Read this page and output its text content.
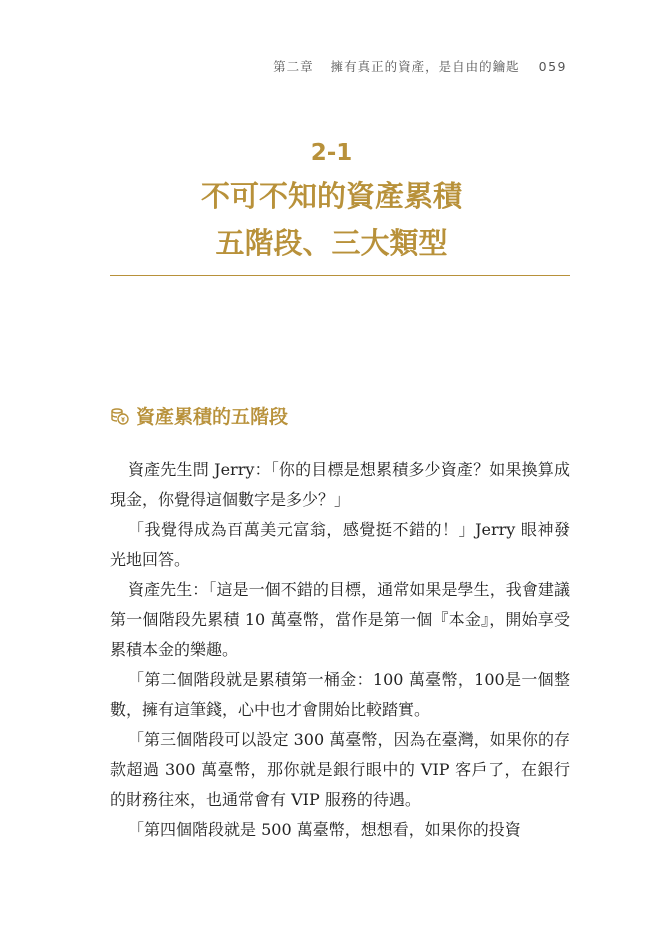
第二章 擁有真正的資產，是自由的鑰匙 059
2-1
不可不知的資產累積
五階段、三大類型
資產累積的五階段

資產先生問 Jerry：「你的目標是想累積多少資產？如果換算成現金，你覺得這個數字是多少？」

「我覺得成為百萬美元富翁，感覺挺不錯的！」Jerry 眼神發光地回答。

資產先生：「這是一個不錯的目標，通常如果是學生，我會建議第一個階段先累積 10 萬臺幣，當作是第一個『本金』，開始享受累積本金的樂趣。

「第二個階段就是累積第一桶金：100 萬臺幣，100是一個整數，擁有這筆錢，心中也才會開始比較踏實。

「第三個階段可以設定 300 萬臺幣，因為在臺灣，如果你的存款超過 300 萬臺幣，那你就是銀行眼中的 VIP 客戶了，在銀行的財務往來，也通常會有 VIP 服務的待遇。

「第四個階段就是 500 萬臺幣，想想看，如果你的投資
